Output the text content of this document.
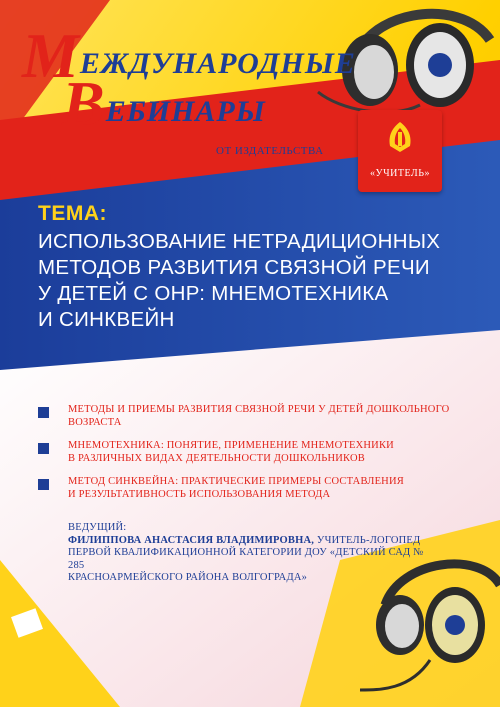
МЕЖДУНАРОДНЫЕ
ВЕБИНАРЫ
ОТ ИЗДАТЕЛЬСТВА
«УЧИТЕЛЬ»
ТЕМА:

ИСПОЛЬЗОВАНИЕ НЕТРАДИЦИОННЫХ
МЕТОДОВ РАЗВИТИЯ СВЯЗНОЙ РЕЧИ
У ДЕТЕЙ С ОНР: МНЕМОТЕХНИКА
И СИНКВЕЙН

МЕТОДЫ И ПРИЕМЫ РАЗВИТИЯ СВЯЗНОЙ РЕЧИ У ДЕТЕЙ ДОШКОЛЬНОГО
ВОЗРАСТА
МНЕМОТЕХНИКА: ПОНЯТИЕ, ПРИМЕНЕНИЕ МНЕМОТЕХНИКИ
В РАЗЛИЧНЫХ ВИДАХ ДЕЯТЕЛЬНОСТИ ДОШКОЛЬНИКОВ
МЕТОД СИНКВЕЙНА: ПРАКТИЧЕСКИЕ ПРИМЕРЫ СОСТАВЛЕНИЯ
И РЕЗУЛЬТАТИВНОСТЬ ИСПОЛЬЗОВАНИЯ МЕТОДА
ВЕДУЩИЙ:
ФИЛИППОВА АНАСТАСИЯ ВЛАДИМИРОВНА, УЧИТЕЛЬ-ЛОГОПЕД
ПЕРВОЙ КВАЛИФИКАЦИОННОЙ КАТЕГОРИИ ДОУ «ДЕТСКИЙ САД № 285
КРАСНОАРМЕЙСКОГО РАЙОНА ВОЛГОГРАДА»
